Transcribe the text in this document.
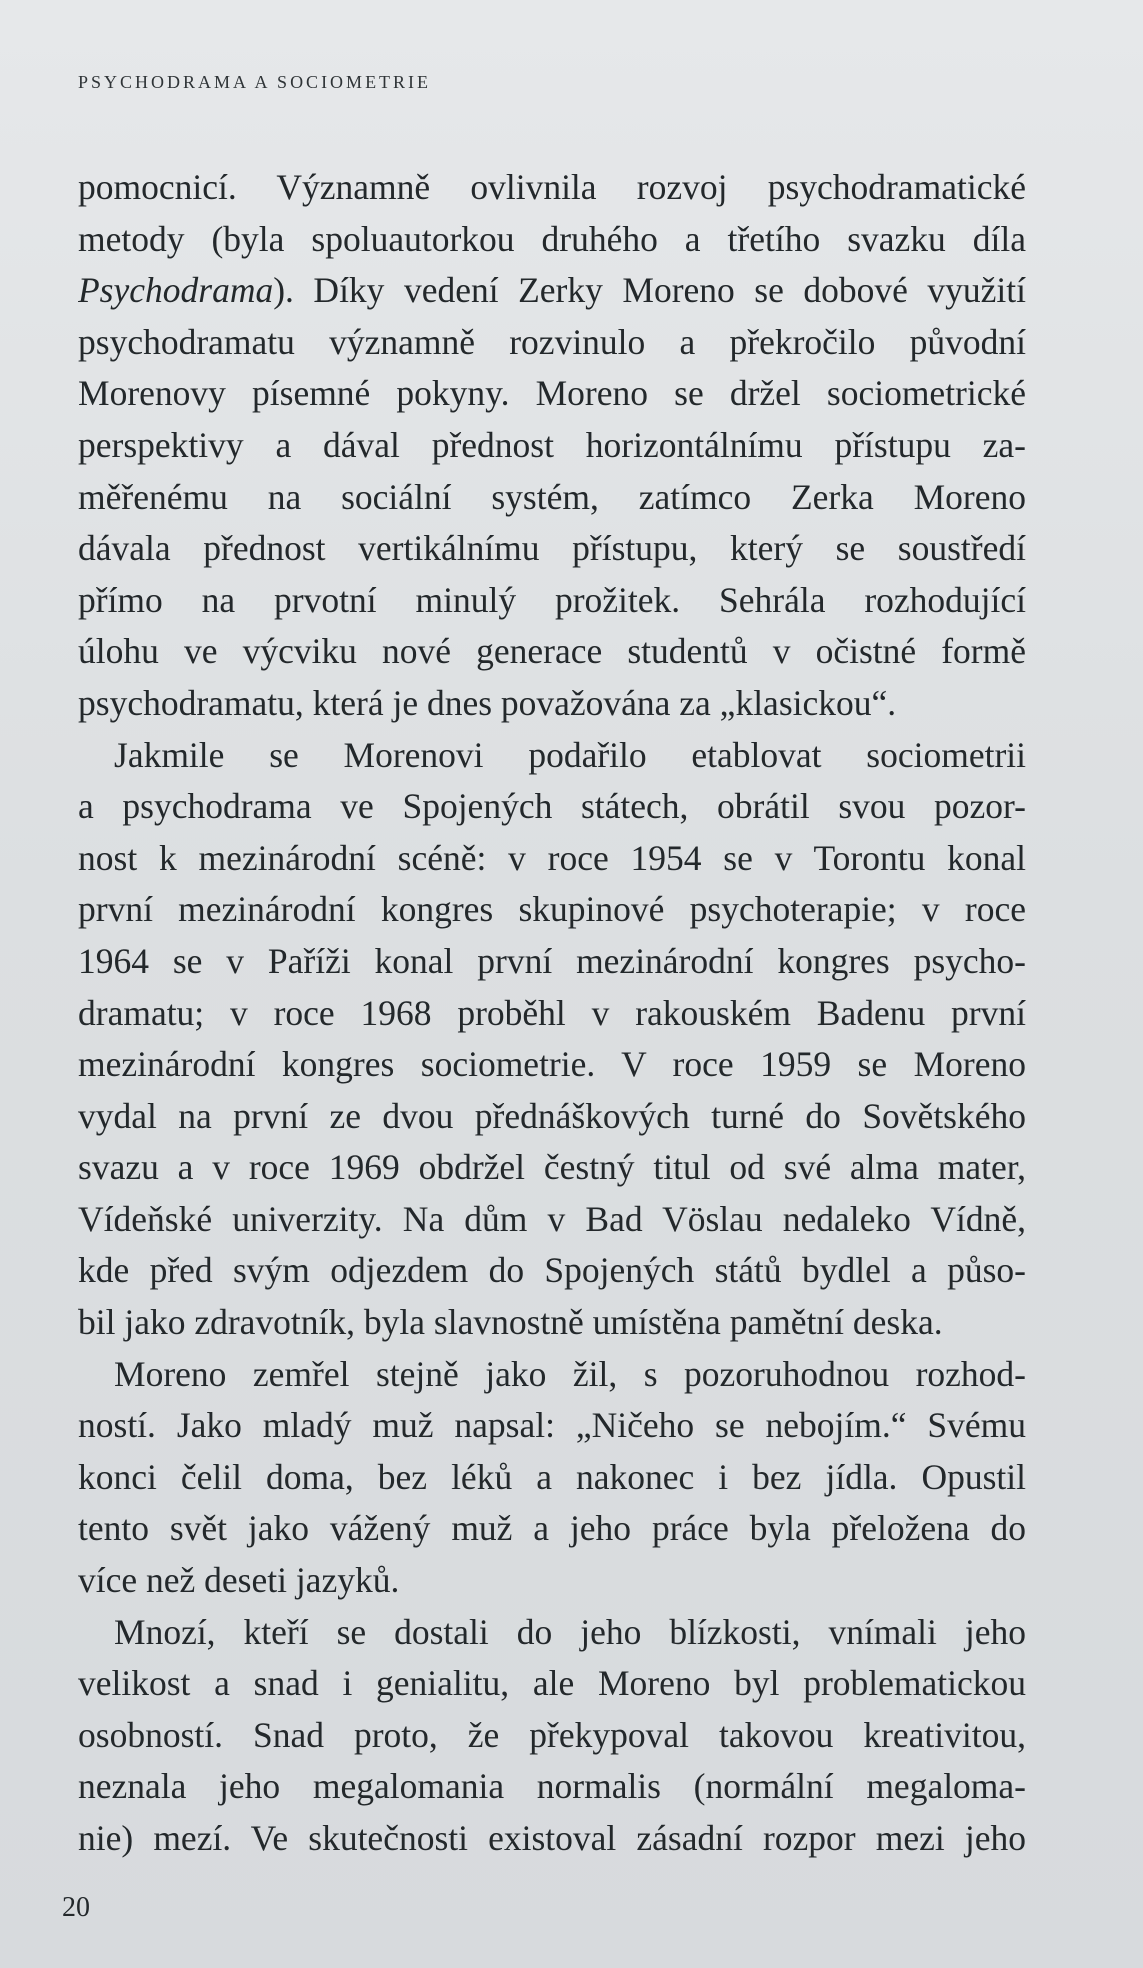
PSYCHODRAMA A SOCIOMETRIE
pomocnicí. Významně ovlivnila rozvoj psychodramatické
metody (byla spoluautorkou druhého a třetího svazku díla
Psychodrama). Díky vedení Zerky Moreno se dobové využití
psychodramatu významně rozvinulo a překročilo původní
Morenovy písemné pokyny. Moreno se držel sociometrické
perspektivy a dával přednost horizontálnímu přístupu za-
měřenému na sociální systém, zatímco Zerka Moreno
dávala přednost vertikálnímu přístupu, který se soustředí
přímo na prvotní minulý prožitek. Sehrála rozhodující
úlohu ve výcviku nové generace studentů v očistné formě
psychodramatu, která je dnes považována za „klasickou“.
Jakmile se Morenovi podařilo etablovat sociometrii
a psychodrama ve Spojených státech, obrátil svou pozor-
nost k mezinárodní scéně: v roce 1954 se v Torontu konal
první mezinárodní kongres skupinové psychoterapie; v roce
1964 se v Paříži konal první mezinárodní kongres psycho-
dramatu; v roce 1968 proběhl v rakouském Badenu první
mezinárodní kongres sociometrie. V roce 1959 se Moreno
vydal na první ze dvou přednáškových turné do Sovětského
svazu a v roce 1969 obdržel čestný titul od své alma mater,
Vídeňské univerzity. Na dům v Bad Vöslau nedaleko Vídně,
kde před svým odjezdem do Spojených států bydlel a půso-
bil jako zdravotník, byla slavnostně umístěna pamětní deska.
Moreno zemřel stejně jako žil, s pozoruhodnou rozhod-
ností. Jako mladý muž napsal: „Ničeho se nebojím.“ Svému
konci čelil doma, bez léků a nakonec i bez jídla. Opustil
tento svět jako vážený muž a jeho práce byla přeložena do
více než deseti jazyků.
Mnozí, kteří se dostali do jeho blízkosti, vnímali jeho
velikost a snad i genialitu, ale Moreno byl problematickou
osobností. Snad proto, že překypoval takovou kreativitou,
neznala jeho megalomania normalis (normální megaloma-
nie) mezí. Ve skutečnosti existoval zásadní rozpor mezi jeho
20
